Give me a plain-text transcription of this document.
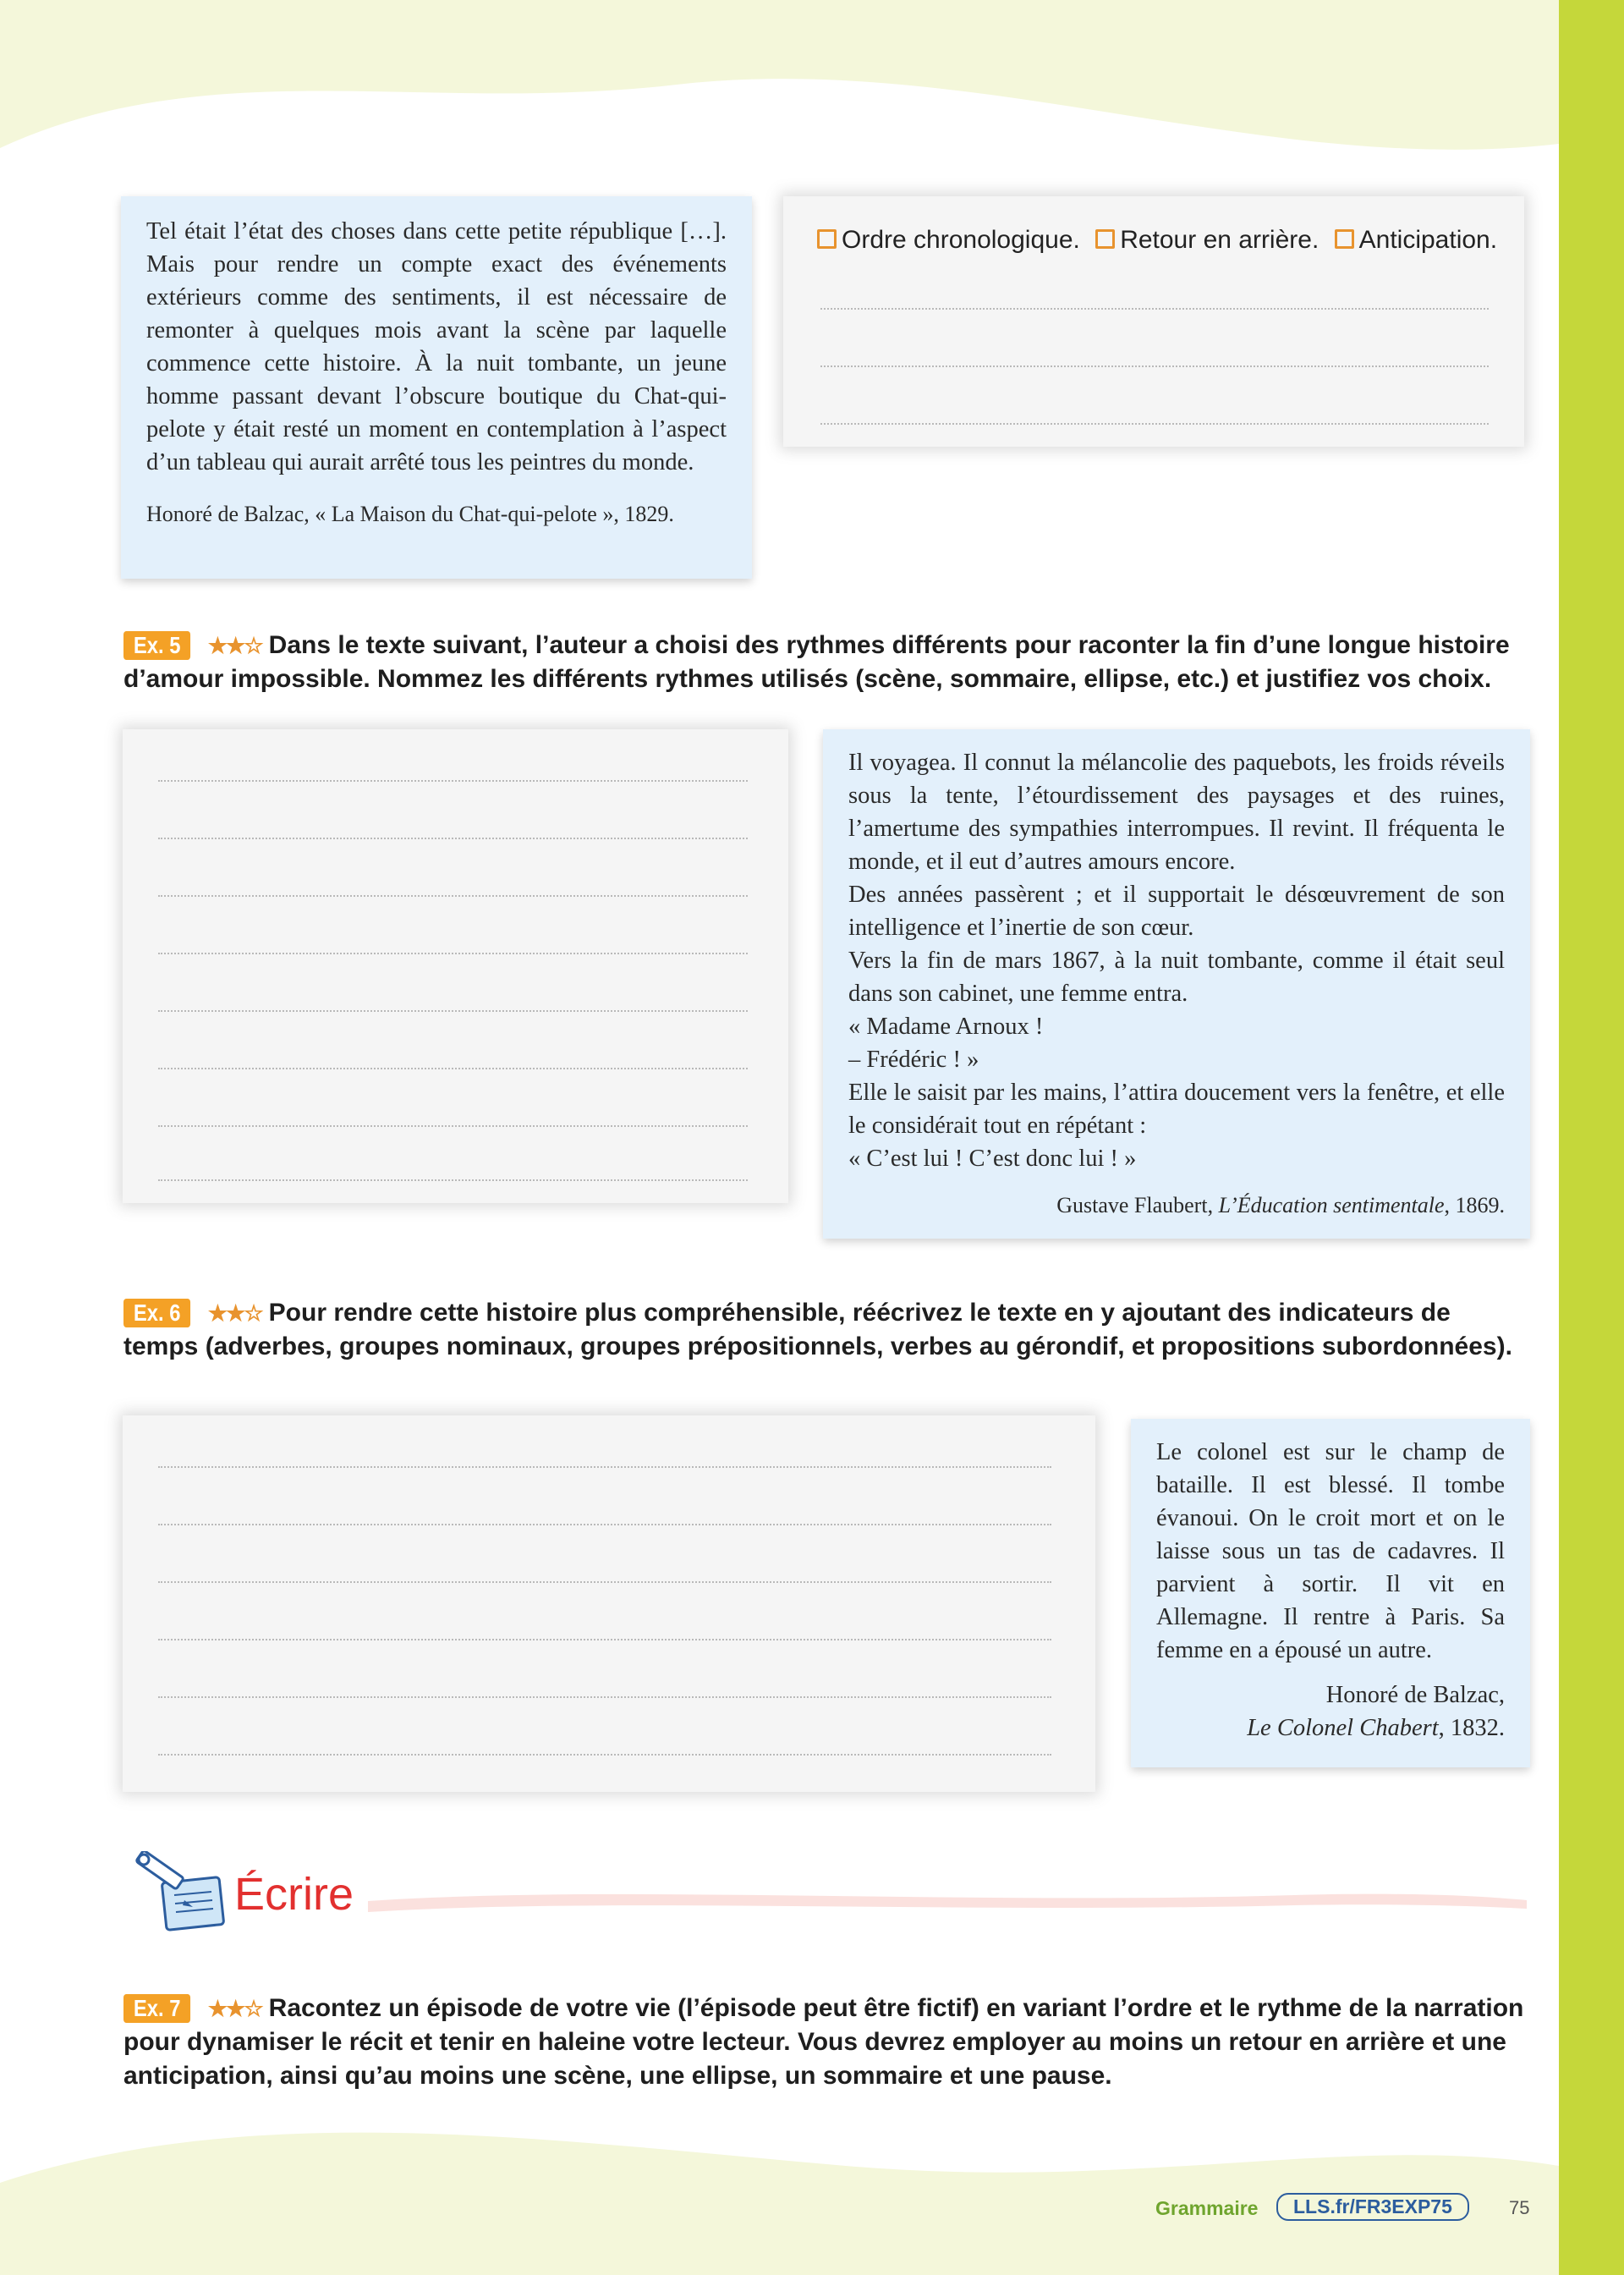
Tel était l’état des choses dans cette petite république […]. Mais pour rendre un compte exact des événements extérieurs comme des sentiments, il est nécessaire de remonter à quelques mois avant la scène par laquelle commence cette histoire. À la nuit tombante, un jeune homme passant devant l’obscure boutique du Chat-qui-pelote y était resté un moment en contemplation à l’aspect d’un tableau qui aurait arrêté tous les peintres du monde.

Honoré de Balzac, « La Maison du Chat-qui-pelote », 1829.

Ordre chronologique. Retour en arrière. Anticipation.
Ex. 5 ★★☆ Dans le texte suivant, l’auteur a choisi des rythmes différents pour raconter la fin d’une longue histoire d’amour impossible. Nommez les différents rythmes utilisés (scène, sommaire, ellipse, etc.) et justifiez vos choix.

Il voyagea. Il connut la mélancolie des paquebots, les froids réveils sous la tente, l’étourdissement des paysages et des ruines, l’amertume des sympathies interrompues. Il revint. Il fréquenta le monde, et il eut d’autres amours encore.

Des années passèrent ; et il supportait le désœuvrement de son intelligence et l’inertie de son cœur.

Vers la fin de mars 1867, à la nuit tombante, comme il était seul dans son cabinet, une femme entra.

« Madame Arnoux !

– Frédéric ! »

Elle le saisit par les mains, l’attira doucement vers la fenêtre, et elle le considérait tout en répétant :

« C’est lui ! C’est donc lui ! »

Gustave Flaubert, L’Éducation sentimentale, 1869.

Ex. 6 ★★☆ Pour rendre cette histoire plus compréhensible, réécrivez le texte en y ajoutant des indicateurs de temps (adverbes, groupes nominaux, groupes prépositionnels, verbes au gérondif, et propositions subordonnées).

Le colonel est sur le champ de bataille. Il est blessé. Il tombe évanoui. On le croit mort et on le laisse sous un tas de cadavres. Il parvient à sortir. Il vit en Allemagne. Il rentre à Paris. Sa femme en a épousé un autre.

Honoré de Balzac,
Le Colonel Chabert, 1832.

Écrire
Ex. 7 ★★☆ Racontez un épisode de votre vie (l’épisode peut être fictif) en variant l’ordre et le rythme de la narration pour dynamiser le récit et tenir en haleine votre lecteur. Vous devrez employer au moins un retour en arrière et une anticipation, ainsi qu’au moins une scène, une ellipse, un sommaire et une pause.
Grammaire	LLS.fr/FR3EXP75	75
